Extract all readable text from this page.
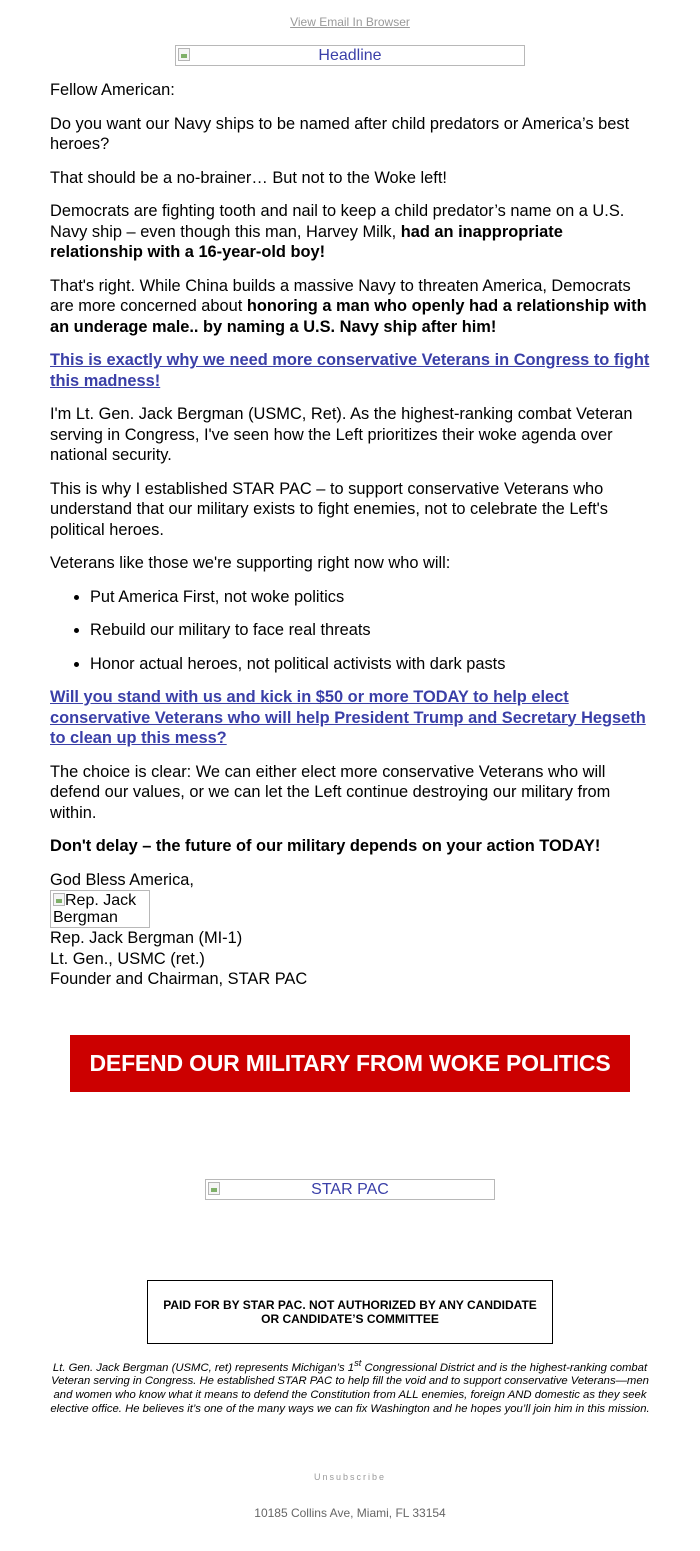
View Email In Browser
Headline

Fellow American:

Do you want our Navy ships to be named after child predators or America’s best heroes?

That should be a no-brainer… But not to the Woke left!

Democrats are fighting tooth and nail to keep a child predator’s name on a U.S. Navy ship – even though this man, Harvey Milk, had an inappropriate relationship with a 16-year-old boy!

That's right. While China builds a massive Navy to threaten America, Democrats are more concerned about honoring a man who openly had a relationship with an underage male.. by naming a U.S. Navy ship after him!

This is exactly why we need more conservative Veterans in Congress to fight this madness!

I'm Lt. Gen. Jack Bergman (USMC, Ret). As the highest-ranking combat Veteran serving in Congress, I've seen how the Left prioritizes their woke agenda over national security.

This is why I established STAR PAC – to support conservative Veterans who understand that our military exists to fight enemies, not to celebrate the Left's political heroes.

Veterans like those we're supporting right now who will:

• Put America First, not woke politics
• Rebuild our military to face real threats
• Honor actual heroes, not political activists with dark pasts

Will you stand with us and kick in $50 or more TODAY to help elect conservative Veterans who will help President Trump and Secretary Hegseth to clean up this mess?

The choice is clear: We can either elect more conservative Veterans who will defend our values, or we can let the Left continue destroying our military from within.

Don't delay – the future of our military depends on your action TODAY!

God Bless America,

Rep. Jack Bergman

Rep. Jack Bergman (MI-1)

Lt. Gen., USMC (ret.)

Founder and Chairman, STAR PAC

DEFEND OUR MILITARY FROM WOKE POLITICS
STAR PAC
PAID FOR BY STAR PAC. NOT AUTHORIZED BY ANY CANDIDATE OR CANDIDATE’S COMMITTEE
Lt. Gen. Jack Bergman (USMC, ret) represents Michigan’s 1st Congressional District and is the highest-ranking combat Veteran serving in Congress. He established STAR PAC to help fill the void and to support conservative Veterans—men and women who know what it means to defend the Constitution from ALL enemies, foreign AND domestic as they seek elective office. He believes it’s one of the many ways we can fix Washington and he hopes you’ll join him in this mission.
Unsubscribe
10185 Collins Ave, Miami, FL 33154
